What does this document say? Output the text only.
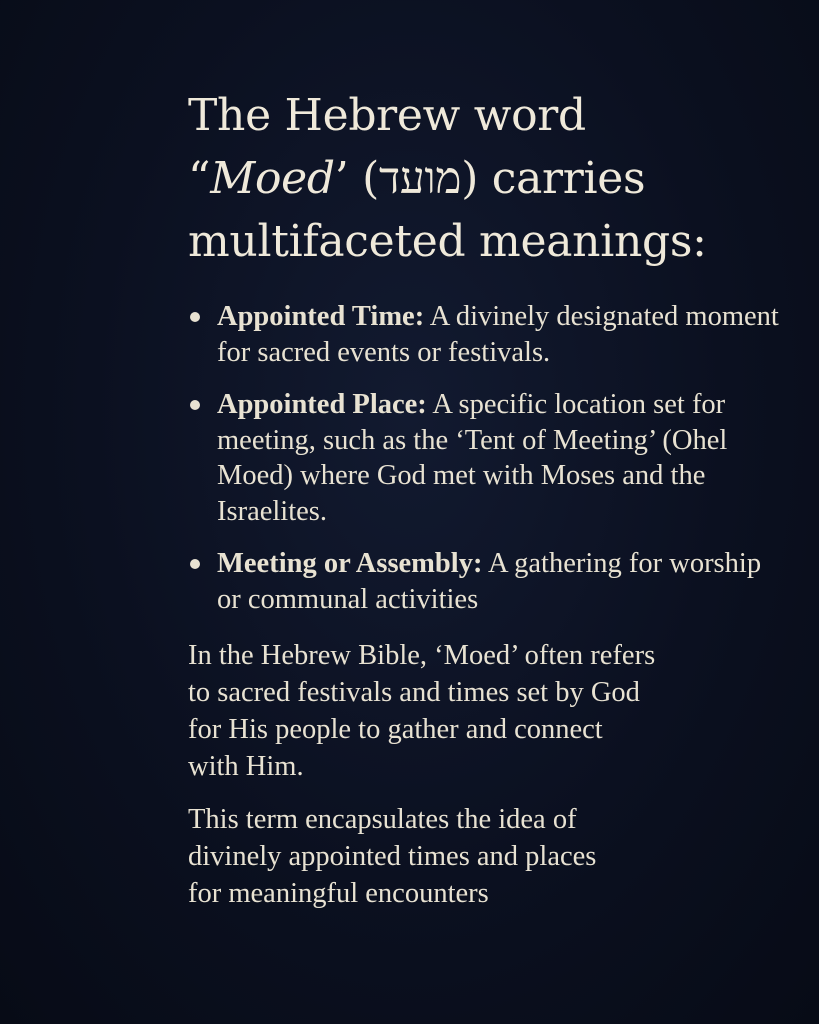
The Hebrew word
“Moed’ (מועד) carries
multifaceted meanings:
Appointed Time: A divinely designated moment for sacred events or festivals.
Appointed Place: A specific location set for meeting, such as the ‘Tent of Meeting’ (Ohel Moed) where God met with Moses and the Israelites.
Meeting or Assembly: A gathering for worship or communal activities

In the Hebrew Bible, ‘Moed’ often refers
to sacred festivals and times set by God
for His people to gather and connect
with Him.

This term encapsulates the idea of
divinely appointed times and places
for meaningful encounters
